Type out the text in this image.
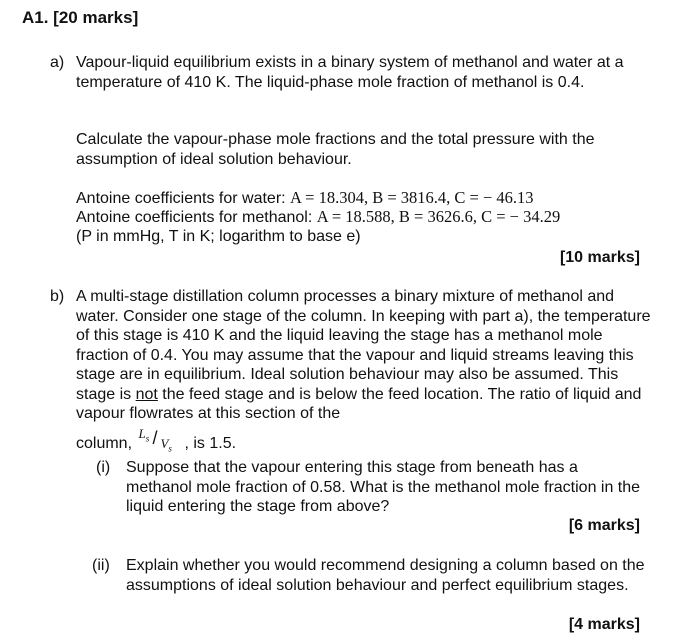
A1. [20 marks]
a) Vapour-liquid equilibrium exists in a binary system of methanol and water at a temperature of 410 K. The liquid-phase mole fraction of methanol is 0.4.

Calculate the vapour-phase mole fractions and the total pressure with the assumption of ideal solution behaviour.

Antoine coefficients for water: A = 18.304, B = 3816.4, C = − 46.13
Antoine coefficients for methanol: A = 18.588, B = 3626.6, C = − 34.29
(P in mmHg, T in K; logarithm to base e)
[10 marks]
b) A multi-stage distillation column processes a binary mixture of methanol and water. Consider one stage of the column. In keeping with part a), the temperature of this stage is 410 K and the liquid leaving the stage has a methanol mole fraction of 0.4. You may assume that the vapour and liquid streams leaving this stage are in equilibrium. Ideal solution behaviour may also be assumed. This stage is not the feed stage and is below the feed location. The ratio of liquid and vapour flowrates at this section of the

column,
$L_s / V_s$ , is 1.5.
(i) Suppose that the vapour entering this stage from beneath has a methanol mole fraction of 0.58. What is the methanol mole fraction in the liquid entering the stage from above?
[6 marks]
(ii) Explain whether you would recommend designing a column based on the assumptions of ideal solution behaviour and perfect equilibrium stages.
[4 marks]
